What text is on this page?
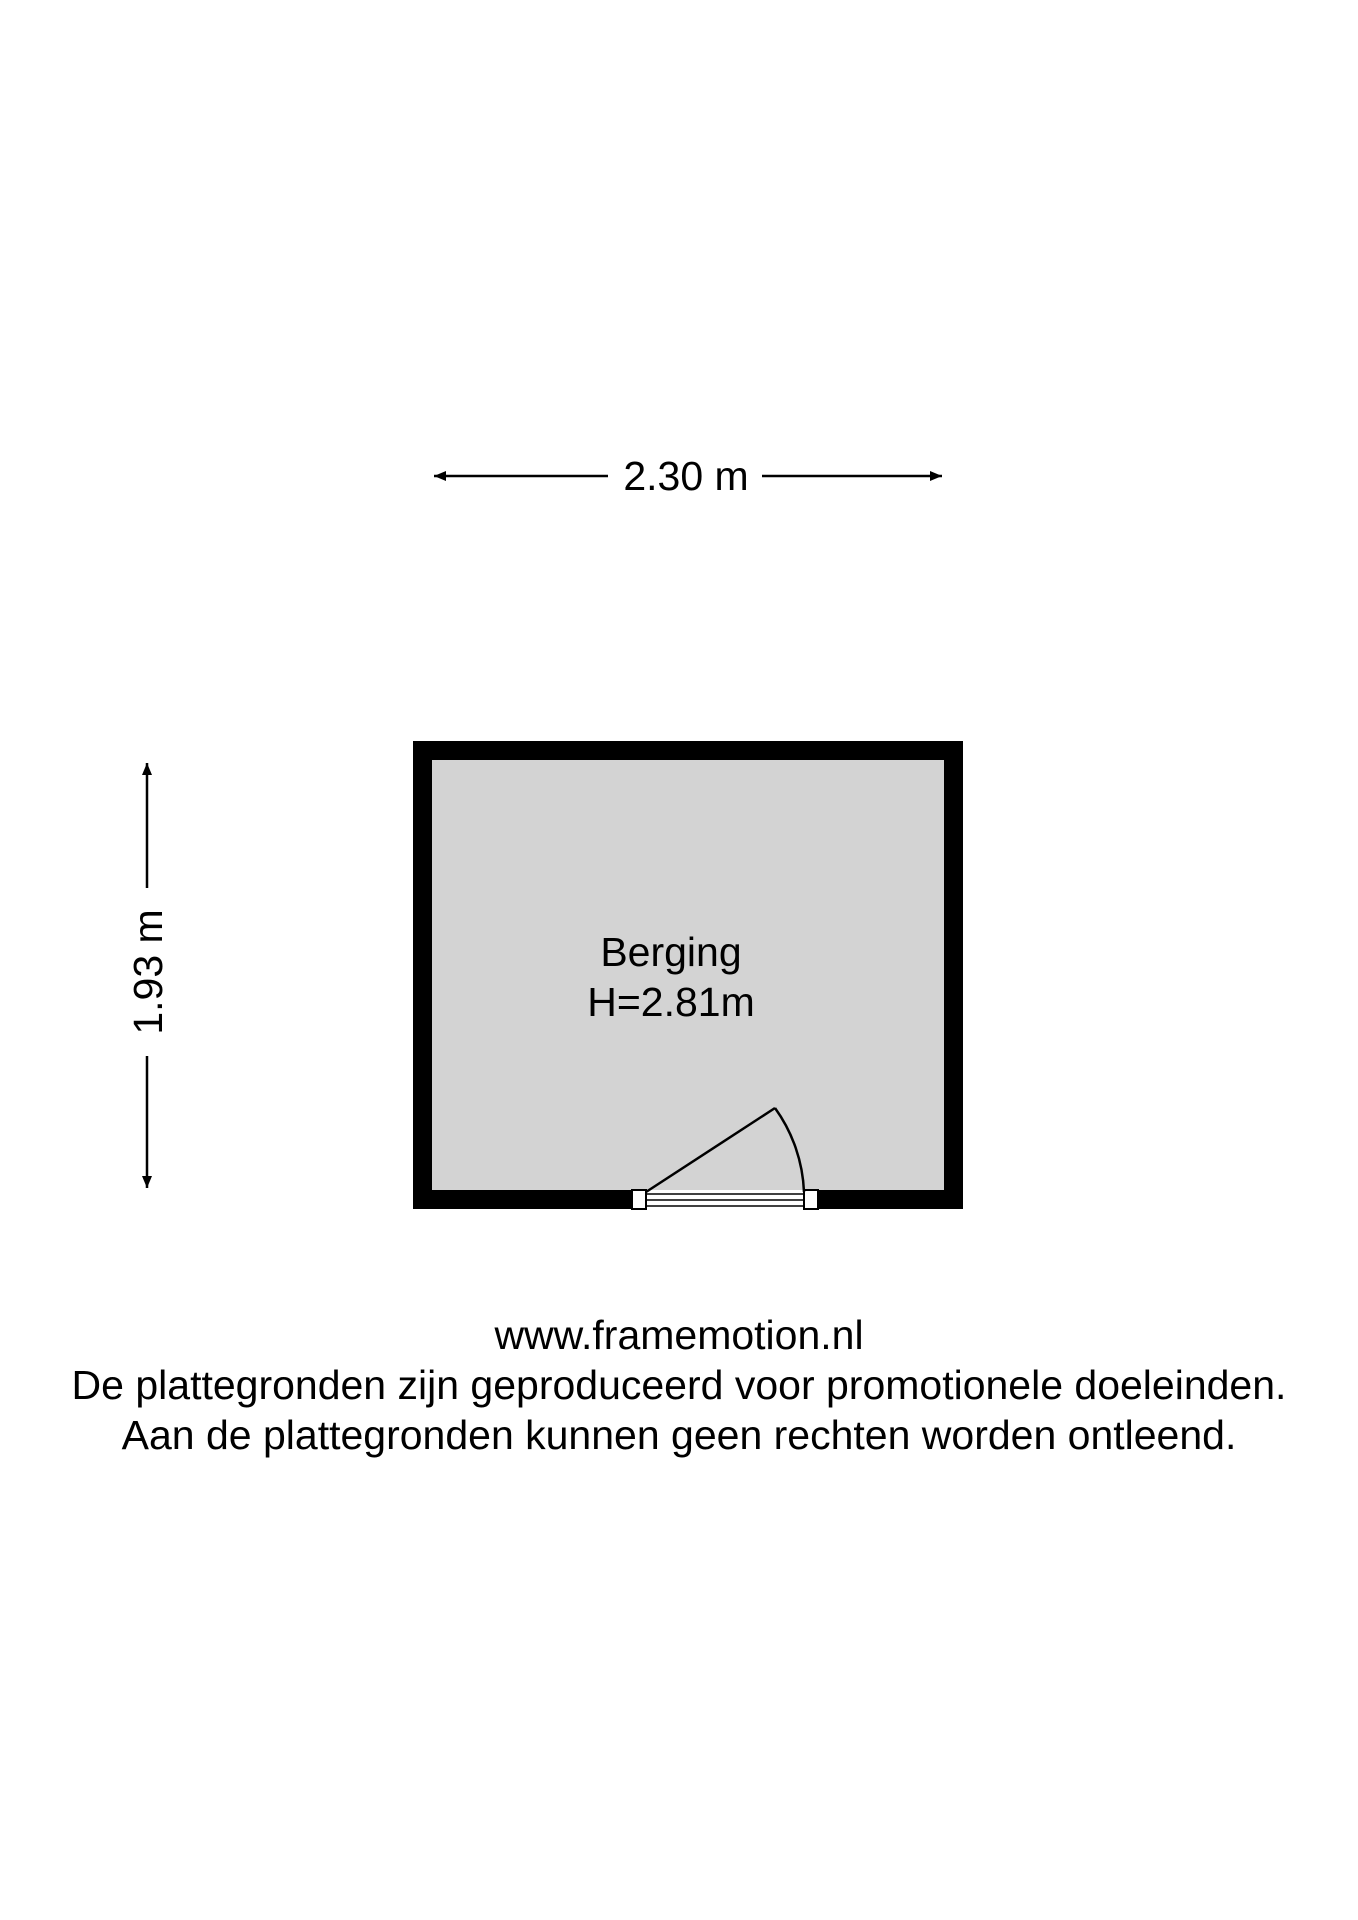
2.30 m
1.93 m	Berging
H=2.81m
www.framemotion.nl
De plattegronden zijn geproduceerd voor promotionele doeleinden.
Aan de plattegronden kunnen geen rechten worden ontleend.
